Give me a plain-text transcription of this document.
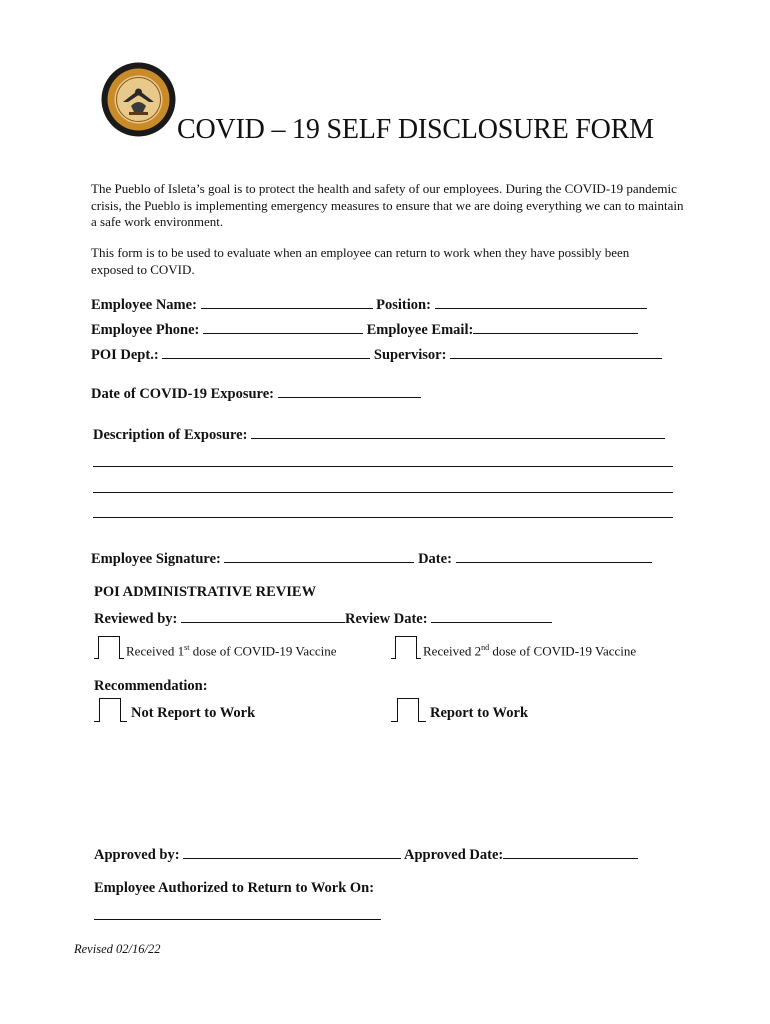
COVID – 19 SELF DISCLOSURE FORM
The Pueblo of Isleta’s goal is to protect the health and safety of our employees. During the COVID-19 pandemic crisis, the Pueblo is implementing emergency measures to ensure that we are doing everything we can to maintain a safe work environment.
This form is to be used to evaluate when an employee can return to work when they have possibly been exposed to COVID.
Employee Name:	Position:
Employee Phone:	Employee Email:
POI Dept.:	Supervisor:
Date of COVID-19 Exposure:
Description of Exposure:
Employee Signature:	Date:
POI ADMINISTRATIVE REVIEW
Reviewed by:	Review Date:
Received 1st dose of COVID-19 Vaccine	Received 2nd dose of COVID-19 Vaccine
Recommendation:
Not Report to Work	Report to Work
Approved by:	Approved Date:
Employee Authorized to Return to Work On:
Revised 02/16/22
